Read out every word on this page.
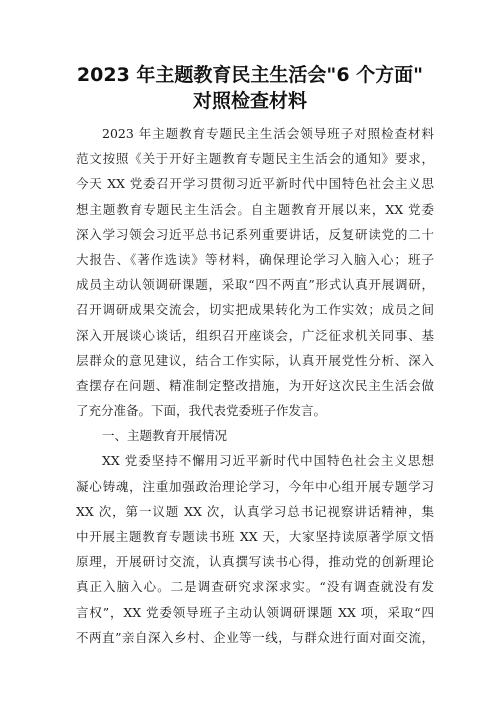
2023 年主题教育民主生活会"6 个方面"
对照检查材料
2023 年主题教育专题民主生活会领导班子对照检查材料
范文按照《关于开好主题教育专题民主生活会的通知》要求，
今天 XX 党委召开学习贯彻习近平新时代中国特色社会主义思
想主题教育专题民主生活会。自主题教育开展以来，XX 党委
深入学习领会习近平总书记系列重要讲话，反复研读党的二十
大报告、《著作选读》等材料，确保理论学习入脑入心；班子
成员主动认领调研课题，采取“四不两直”形式认真开展调研，
召开调研成果交流会，切实把成果转化为工作实效；成员之间
深入开展谈心谈话，组织召开座谈会，广泛征求机关同事、基
层群众的意见建议，结合工作实际，认真开展党性分析、深入
查摆存在问题、精准制定整改措施，为开好这次民主生活会做
了充分准备。下面，我代表党委班子作发言。
一、主题教育开展情况
XX 党委坚持不懈用习近平新时代中国特色社会主义思想
凝心铸魂，注重加强政治理论学习，今年中心组开展专题学习
XX 次，第一议题 XX 次，认真学习总书记视察讲话精神，集
中开展主题教育专题读书班 XX 天，大家坚持读原著学原文悟
原理，开展研讨交流，认真撰写读书心得，推动党的创新理论
真正入脑入心。二是调查研究求深求实。“没有调查就没有发
言权”，XX 党委领导班子主动认领调研课题 XX 项，采取“四
不两直”亲自深入乡村、企业等一线，与群众进行面对面交流，
